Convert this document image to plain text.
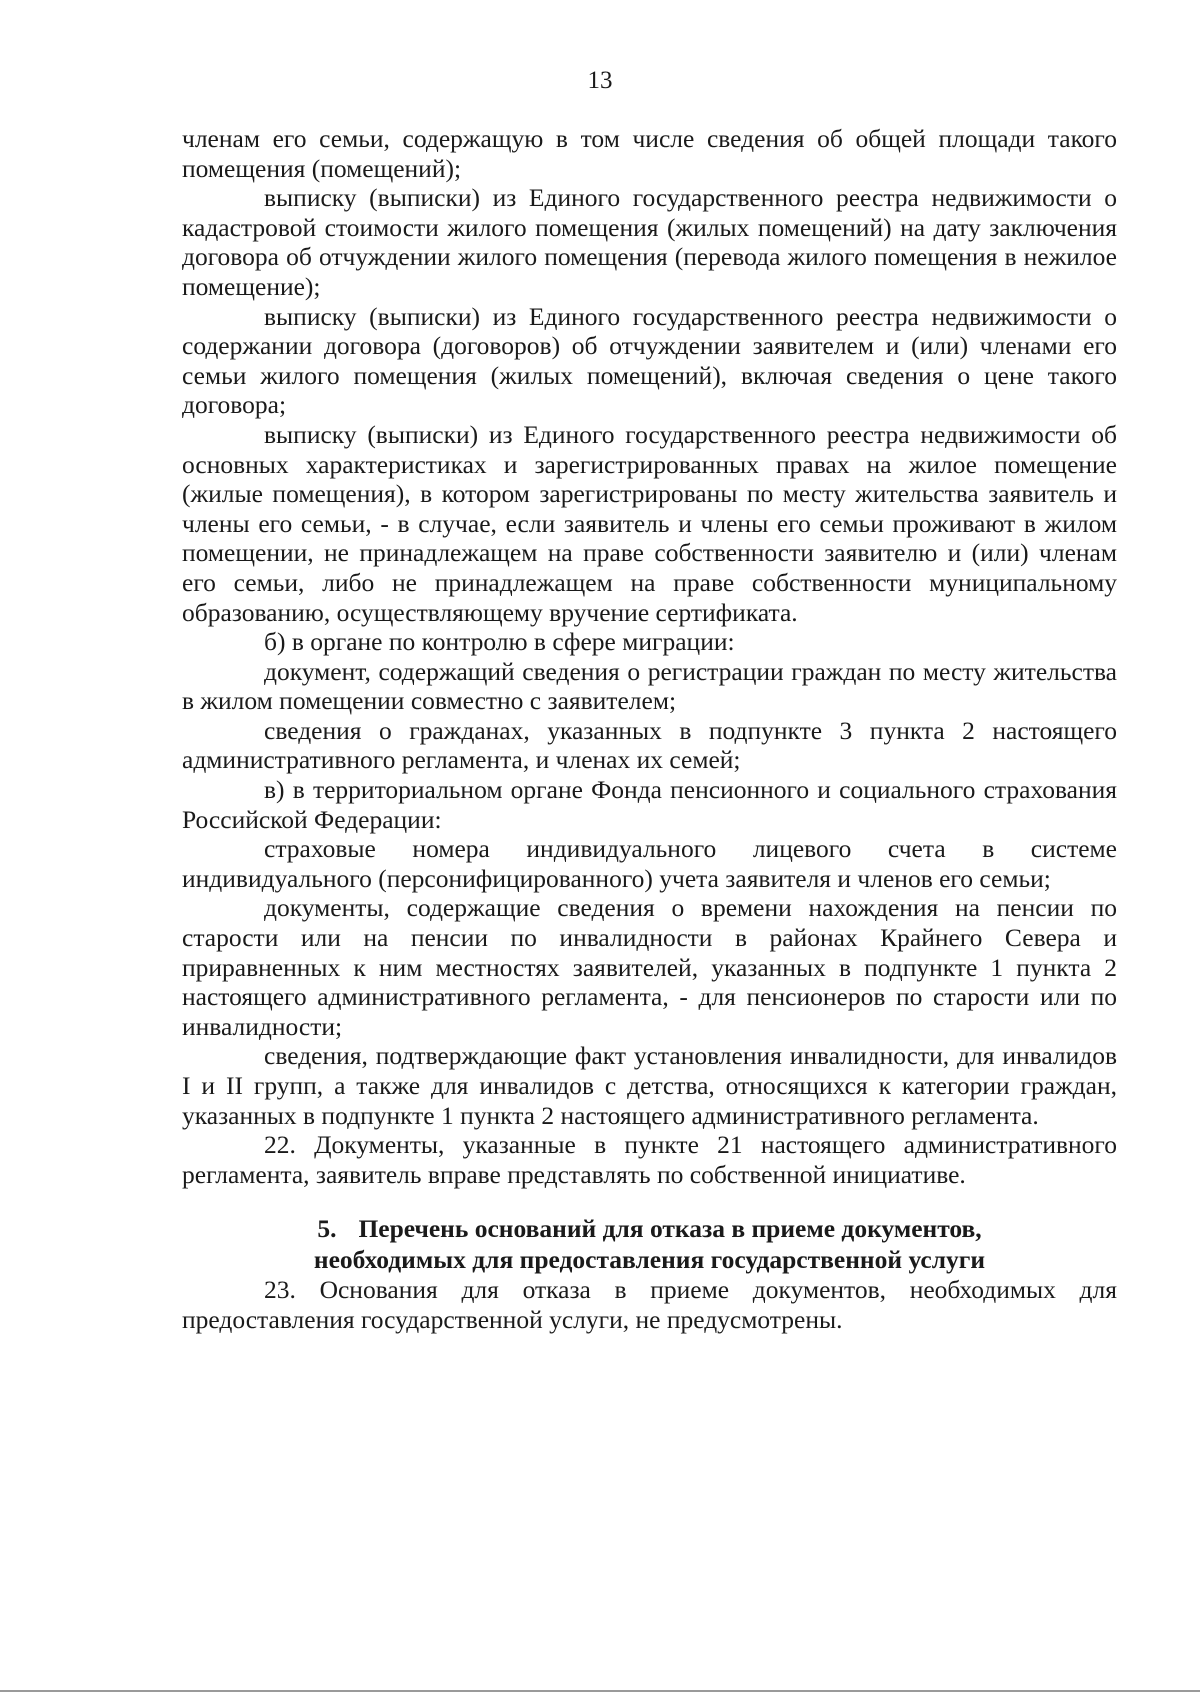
13

членам его семьи, содержащую в том числе сведения об общей площади такого помещения (помещений);

выписку (выписки) из Единого государственного реестра недвижимости о кадастровой стоимости жилого помещения (жилых помещений) на дату заключения договора об отчуждении жилого помещения (перевода жилого помещения в нежилое помещение);

выписку (выписки) из Единого государственного реестра недвижимости о содержании договора (договоров) об отчуждении заявителем и (или) членами его семьи жилого помещения (жилых помещений), включая сведения о цене такого договора;

выписку (выписки) из Единого государственного реестра недвижимости об основных характеристиках и зарегистрированных правах на жилое помещение (жилые помещения), в котором зарегистрированы по месту жительства заявитель и члены его семьи, - в случае, если заявитель и члены его семьи проживают в жилом помещении, не принадлежащем на праве собственности заявителю и (или) членам его семьи, либо не принадлежащем на праве собственности муниципальному образованию, осуществляющему вручение сертификата.

б) в органе по контролю в сфере миграции:

документ, содержащий сведения о регистрации граждан по месту жительства в жилом помещении совместно с заявителем;

сведения о гражданах, указанных в подпункте 3 пункта 2 настоящего административного регламента, и членах их семей;

в) в территориальном органе Фонда пенсионного и социального страхования Российской Федерации:

страховые номера индивидуального лицевого счета в системе индивидуального (персонифицированного) учета заявителя и членов его семьи;

документы, содержащие сведения о времени нахождения на пенсии по старости или на пенсии по инвалидности в районах Крайнего Севера и приравненных к ним местностях заявителей, указанных в подпункте 1 пункта 2 настоящего административного регламента, - для пенсионеров по старости или по инвалидности;

сведения, подтверждающие факт установления инвалидности, для инвалидов I и II групп, а также для инвалидов с детства, относящихся к категории граждан, указанных в подпункте 1 пункта 2 настоящего административного регламента.

22. Документы, указанные в пункте 21 настоящего административного регламента, заявитель вправе представлять по собственной инициативе.

5. Перечень оснований для отказа в приеме документов,
необходимых для предоставления государственной услуги

23. Основания для отказа в приеме документов, необходимых для предоставления государственной услуги, не предусмотрены.
